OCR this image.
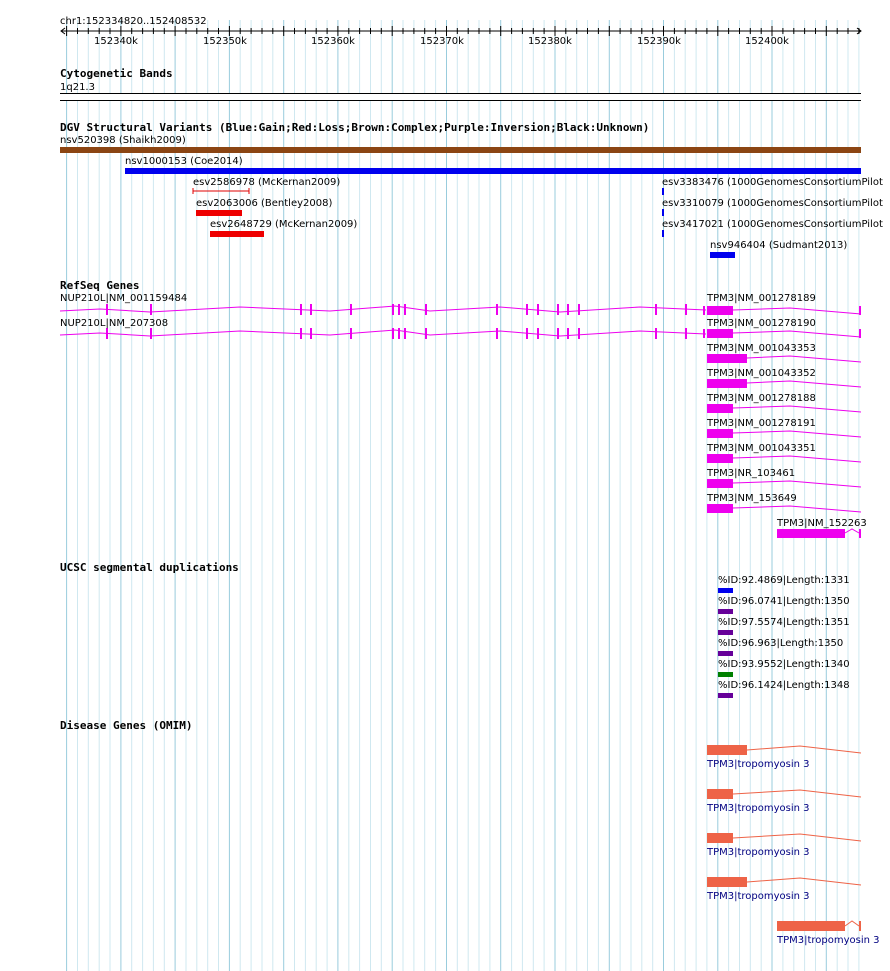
chr1:152334820..152408532
152340k	152350k	152360k	152370k	152380k	152390k	152400k
Cytogenetic Bands
1q21.3
DGV Structural Variants (Blue:Gain;Red:Loss;Brown:Complex;Purple:Inversion;Black:Unknown)
nsv520398 (Shaikh2009)
nsv1000153 (Coe2014)
esv2586978 (McKernan2009)
esv2063006 (Bentley2008)
esv2648729 (McKernan2009)
esv3383476 (1000GenomesConsortiumPilot
esv3310079 (1000GenomesConsortiumPilot
esv3417021 (1000GenomesConsortiumPilot
nsv946404 (Sudmant2013)
RefSeq Genes
NUP210L|NM_001159484
NUP210L|NM_207308
TPM3|NM_001278189
TPM3|NM_001278190
TPM3|NM_001043353
TPM3|NM_001043352
TPM3|NM_001278188
TPM3|NM_001278191
TPM3|NM_001043351
TPM3|NR_103461
TPM3|NM_153649
TPM3|NM_152263
UCSC segmental duplications
%ID:92.4869|Length:1331
%ID:96.0741|Length:1350
%ID:97.5574|Length:1351
%ID:96.963|Length:1350
%ID:93.9552|Length:1340
%ID:96.1424|Length:1348
Disease Genes (OMIM)
TPM3|tropomyosin 3
TPM3|tropomyosin 3
TPM3|tropomyosin 3
TPM3|tropomyosin 3
TPM3|tropomyosin 3
